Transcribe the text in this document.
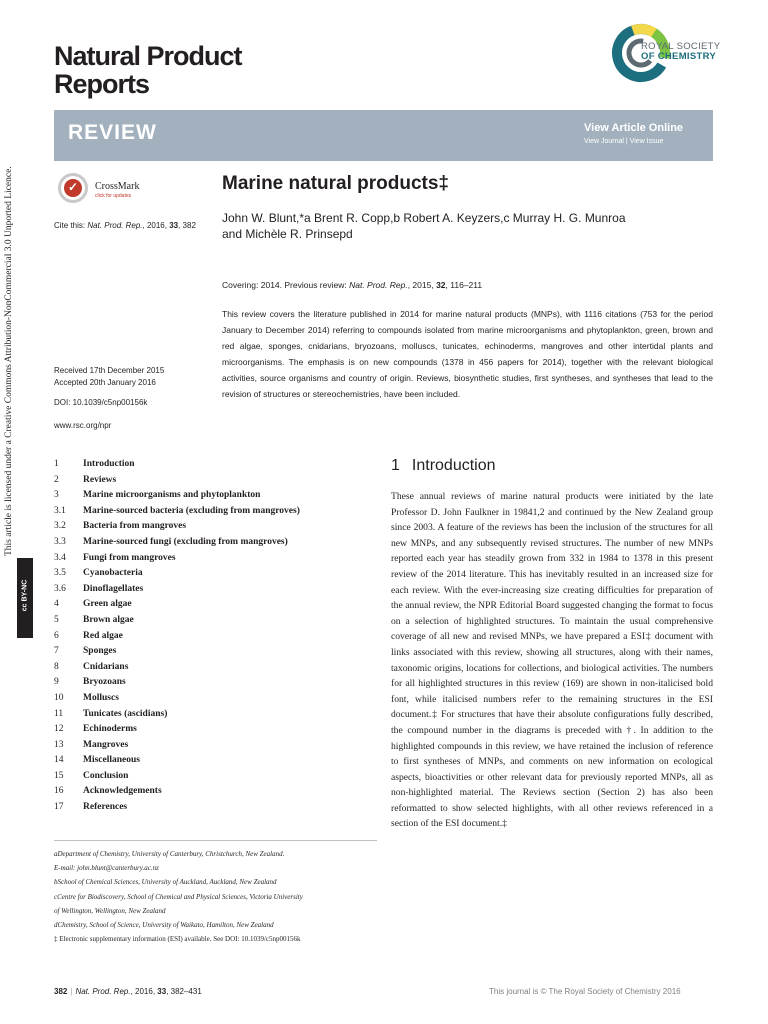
Natural Product
Reports
ROYAL SOCIETY
OF CHEMISTRY
REVIEW	View Article Online
View Journal | View Issue
This article is licensed under a Creative Commons Attribution-NonCommercial 3.0 Unported Licence.
cc BY-NC
✓ CrossMark
click for updates
Cite this: Nat. Prod. Rep., 2016, 33, 382
Marine natural products‡
John W. Blunt,*a Brent R. Copp,b Robert A. Keyzers,c Murray H. G. Munroa
and Michèle R. Prinsepd
Covering: 2014. Previous review: Nat. Prod. Rep., 2015, 32, 116–211
This review covers the literature published in 2014 for marine natural products (MNPs), with 1116 citations (753 for the period January to December 2014) referring to compounds isolated from marine microorganisms and phytoplankton, green, brown and red algae, sponges, cnidarians, bryozoans, molluscs, tunicates, echinoderms, mangroves and other intertidal plants and microorganisms. The emphasis is on new compounds (1378 in 456 papers for 2014), together with the relevant biological activities, source organisms and country of origin. Reviews, biosynthetic studies, first syntheses, and syntheses that lead to the revision of structures or stereochemistries, have been included.
Received 17th December 2015
Accepted 20th January 2016
DOI: 10.1039/c5np00156k
www.rsc.org/npr
1	Introduction
2	Reviews
3	Marine microorganisms and phytoplankton
3.1 Marine-sourced bacteria (excluding from mangroves)
3.2 Bacteria from mangroves
3.3 Marine-sourced fungi (excluding from mangroves)
3.4 Fungi from mangroves
3.5 Cyanobacteria
3.6 Dinoflagellates
4	Green algae
5	Brown algae
6	Red algae
7	Sponges
8	Cnidarians
9	Bryozoans
10 Molluscs
11 Tunicates (ascidians)
12 Echinoderms
13 Mangroves
14 Miscellaneous
15 Conclusion
16 Acknowledgements
17 References
aDepartment of Chemistry, University of Canterbury, Christchurch, New Zealand.
E-mail: john.blunt@canterbury.ac.nz
bSchool of Chemical Sciences, University of Auckland, Auckland, New Zealand
cCentre for Biodiscovery, School of Chemical and Physical Sciences, Victoria University
of Wellington, Wellington, New Zealand
dChemistry, School of Science, University of Waikato, Hamilton, New Zealand
‡ Electronic supplementary information (ESI) available. See DOI: 10.1039/c5np00156k
1 Introduction
These annual reviews of marine natural products were initiated by the late Professor D. John Faulkner in 19841,2 and continued by the New Zealand group since 2003. A feature of the reviews has been the inclusion of the structures for all new MNPs, and any subsequently revised structures. The number of new MNPs reported each year has steadily grown from 332 in 1984 to 1378 in this present review of the 2014 literature. This has inevitably resulted in an increased size for each review. With the ever-increasing size creating difficulties for preparation of the annual review, the NPR Editorial Board suggested changing the format to focus on a selection of highlighted structures. To maintain the usual comprehensive coverage of all new and revised MNPs, we have prepared a ESI‡ document with links associated with this review, showing all structures, along with their names, taxonomic origins, locations for collections, and biological activities. The numbers for all highlighted structures in this review (169) are shown in non-italicised bold font, while italicised numbers refer to the remaining structures in the ESI document.‡ For structures that have their absolute configurations fully described, the compound number in the diagrams is preceded with †. In addition to the highlighted compounds in this review, we have retained the inclusion of reference to first syntheses of MNPs, and comments on new information on ecological aspects, bioactivities or other relevant data for previously reported MNPs, all as non-highlighted material. The Reviews section (Section 2) has also been reformatted to show selected highlights, with all other reviews referenced in a section of the ESI document.‡
382 | Nat. Prod. Rep., 2016, 33, 382–431	This journal is © The Royal Society of Chemistry 2016
